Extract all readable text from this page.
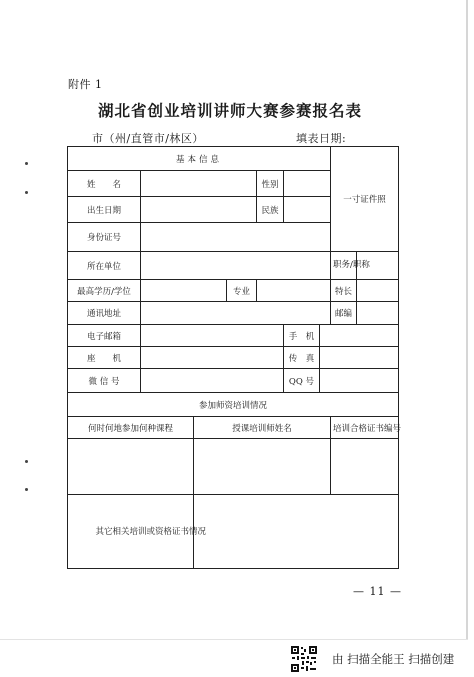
附件 1
湖北省创业培训讲师大赛参赛报名表
市（州/直管市/林区）	填表日期:
基本信息							一寸证件照	
姓　　名				性别				
出生日期				民族				
身份证号								
所在单位							职务/职称	
最高学历/学位			专业				特长	
通讯地址							邮编	
电子邮箱					手　机			
座　　机					传　真			
微 信 号					QQ 号			
参加师资培训情况								
何时何地参加何种课程		授课培训师姓名					培训合格证书编号	

其它相关培训或资格证书情况								

— 11 —
由 扫描全能王 扫描创建
